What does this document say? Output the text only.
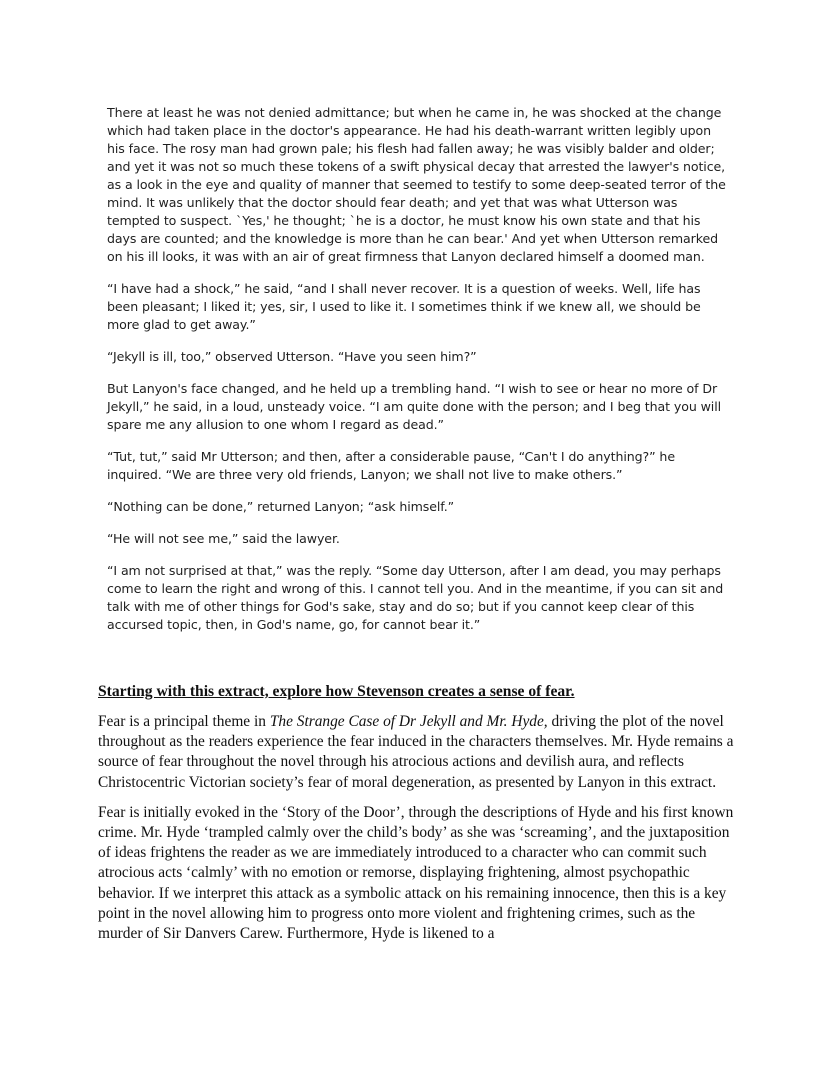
There at least he was not denied admittance; but when he came in, he was shocked at the change which had taken place in the doctor's appearance. He had his death-warrant written legibly upon his face. The rosy man had grown pale; his flesh had fallen away; he was visibly balder and older; and yet it was not so much these tokens of a swift physical decay that arrested the lawyer's notice, as a look in the eye and quality of manner that seemed to testify to some deep-seated terror of the mind. It was unlikely that the doctor should fear death; and yet that was what Utterson was tempted to suspect. `Yes,' he thought; `he is a doctor, he must know his own state and that his days are counted; and the knowledge is more than he can bear.' And yet when Utterson remarked on his ill looks, it was with an air of great firmness that Lanyon declared himself a doomed man.

“I have had a shock,” he said, “and I shall never recover. It is a question of weeks. Well, life has been pleasant; I liked it; yes, sir, I used to like it. I sometimes think if we knew all, we should be more glad to get away.”

“Jekyll is ill, too,” observed Utterson. “Have you seen him?”

But Lanyon's face changed, and he held up a trembling hand. “I wish to see or hear no more of Dr Jekyll,” he said, in a loud, unsteady voice. “I am quite done with the person; and I beg that you will spare me any allusion to one whom I regard as dead.”

“Tut, tut,” said Mr Utterson; and then, after a considerable pause, “Can't I do anything?” he inquired. “We are three very old friends, Lanyon; we shall not live to make others.”

“Nothing can be done,” returned Lanyon; “ask himself.”

“He will not see me,” said the lawyer.

“I am not surprised at that,” was the reply. “Some day Utterson, after I am dead, you may perhaps come to learn the right and wrong of this. I cannot tell you. And in the meantime, if you can sit and talk with me of other things for God's sake, stay and do so; but if you cannot keep clear of this accursed topic, then, in God's name, go, for cannot bear it.”

Starting with this extract, explore how Stevenson creates a sense of fear.

Fear is a principal theme in The Strange Case of Dr Jekyll and Mr. Hyde, driving the plot of the novel throughout as the readers experience the fear induced in the characters themselves. Mr. Hyde remains a source of fear throughout the novel through his atrocious actions and devilish aura, and reflects Christocentric Victorian society’s fear of moral degeneration, as presented by Lanyon in this extract.

Fear is initially evoked in the ‘Story of the Door’, through the descriptions of Hyde and his first known crime. Mr. Hyde ‘trampled calmly over the child’s body’ as she was ‘screaming’, and the juxtaposition of ideas frightens the reader as we are immediately introduced to a character who can commit such atrocious acts ‘calmly’ with no emotion or remorse, displaying frightening, almost psychopathic behavior. If we interpret this attack as a symbolic attack on his remaining innocence, then this is a key point in the novel allowing him to progress onto more violent and frightening crimes, such as the murder of Sir Danvers Carew. Furthermore, Hyde is likened to a
